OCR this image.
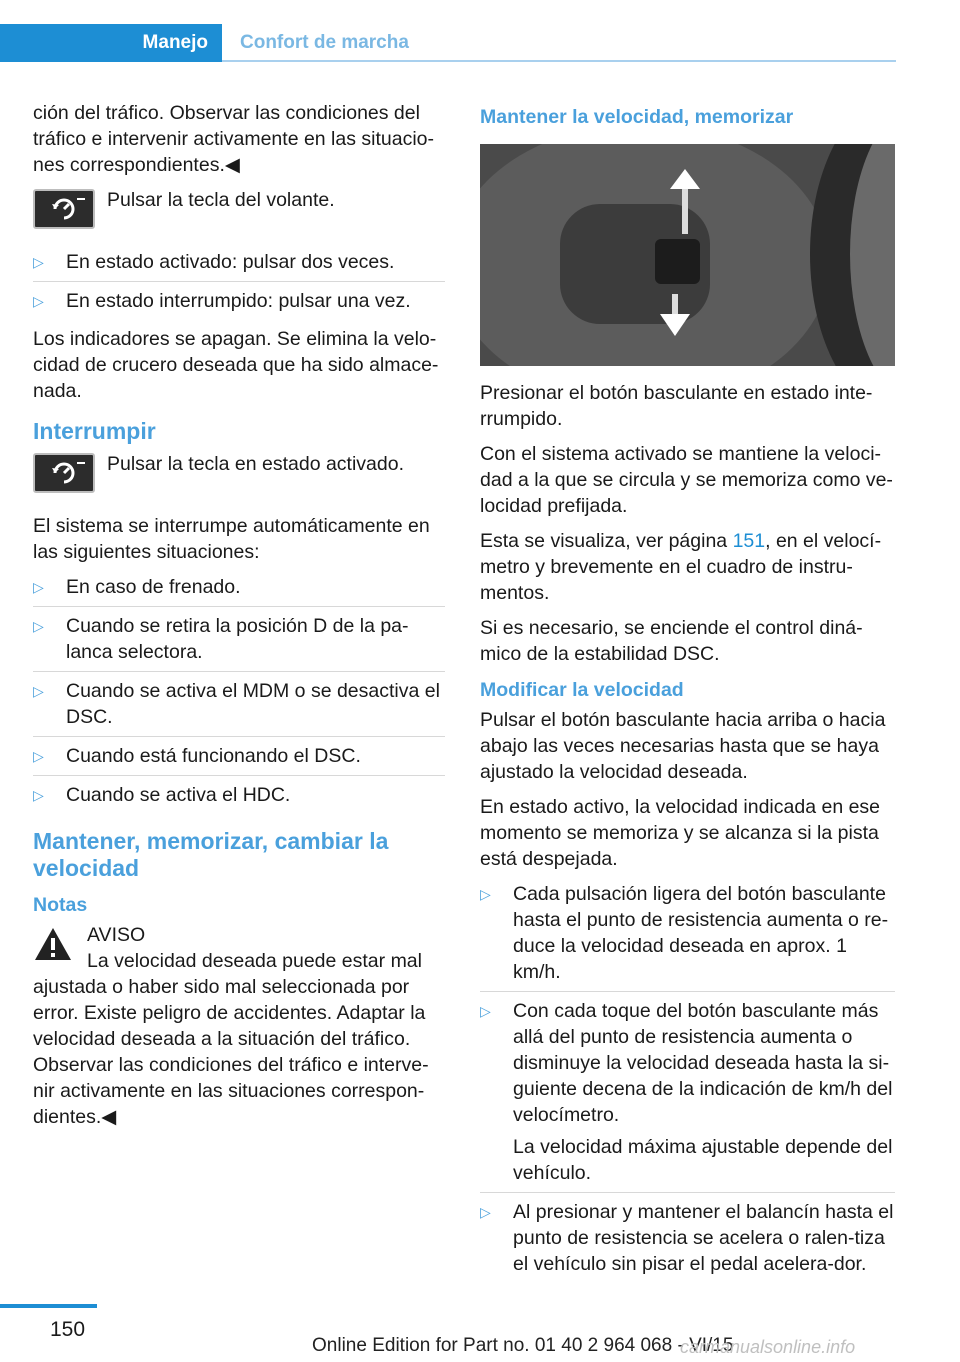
Manejo	Confort de marcha

ción del tráfico. Observar las condiciones del tráfico e intervenir activamente en las situacio‐nes correspondientes.◀

Pulsar la tecla del volante.
▷ En estado activado: pulsar dos veces.
▷ En estado interrumpido: pulsar una vez.

Los indicadores se apagan. Se elimina la velo‐cidad de crucero deseada que ha sido almace‐nada.

Interrumpir
Pulsar la tecla en estado activado.

El sistema se interrumpe automáticamente en las siguientes situaciones:

▷ En caso de frenado.
▷ Cuando se retira la posición D de la pa‐lanca selectora.
▷ Cuando se activa el MDM o se desactiva el DSC.
▷ Cuando está funcionando el DSC.
▷ Cuando se activa el HDC.
Mantener, memorizar, cambiar la velocidad
Notas
AVISO

La velocidad deseada puede estar mal ajustada o haber sido mal seleccionada por error. Existe peligro de accidentes. Adaptar la velocidad deseada a la situación del tráfico. Observar las condiciones del tráfico e interve‐nir activamente en las situaciones correspon‐dientes.◀

Mantener la velocidad, memorizar

Presionar el botón basculante en estado inte‐rrumpido.

Con el sistema activado se mantiene la veloci‐dad a la que se circula y se memoriza como ve‐locidad prefijada.

Esta se visualiza, ver página 151, en el velocí‐metro y brevemente en el cuadro de instru‐mentos.

Si es necesario, se enciende el control diná‐mico de la estabilidad DSC.

Modificar la velocidad

Pulsar el botón basculante hacia arriba o hacia abajo las veces necesarias hasta que se haya ajustado la velocidad deseada.

En estado activo, la velocidad indicada en ese momento se memoriza y se alcanza si la pista está despejada.

▷ Cada pulsación ligera del botón basculante hasta el punto de resistencia aumenta o re‐duce la velocidad deseada en aprox. 1 km/h.
▷ Con cada toque del botón basculante más allá del punto de resistencia aumenta o disminuye la velocidad deseada hasta la si‐guiente decena de la indicación de km/h del velocímetro.
La velocidad máxima ajustable depende del vehículo.
▷ Al presionar y mantener el balancín hasta el punto de resistencia se acelera o ralen‐tiza el vehículo sin pisar el pedal acelera‐dor.
150
Online Edition for Part no. 01 40 2 964 068 - VI/15
carmanualsonline.info
